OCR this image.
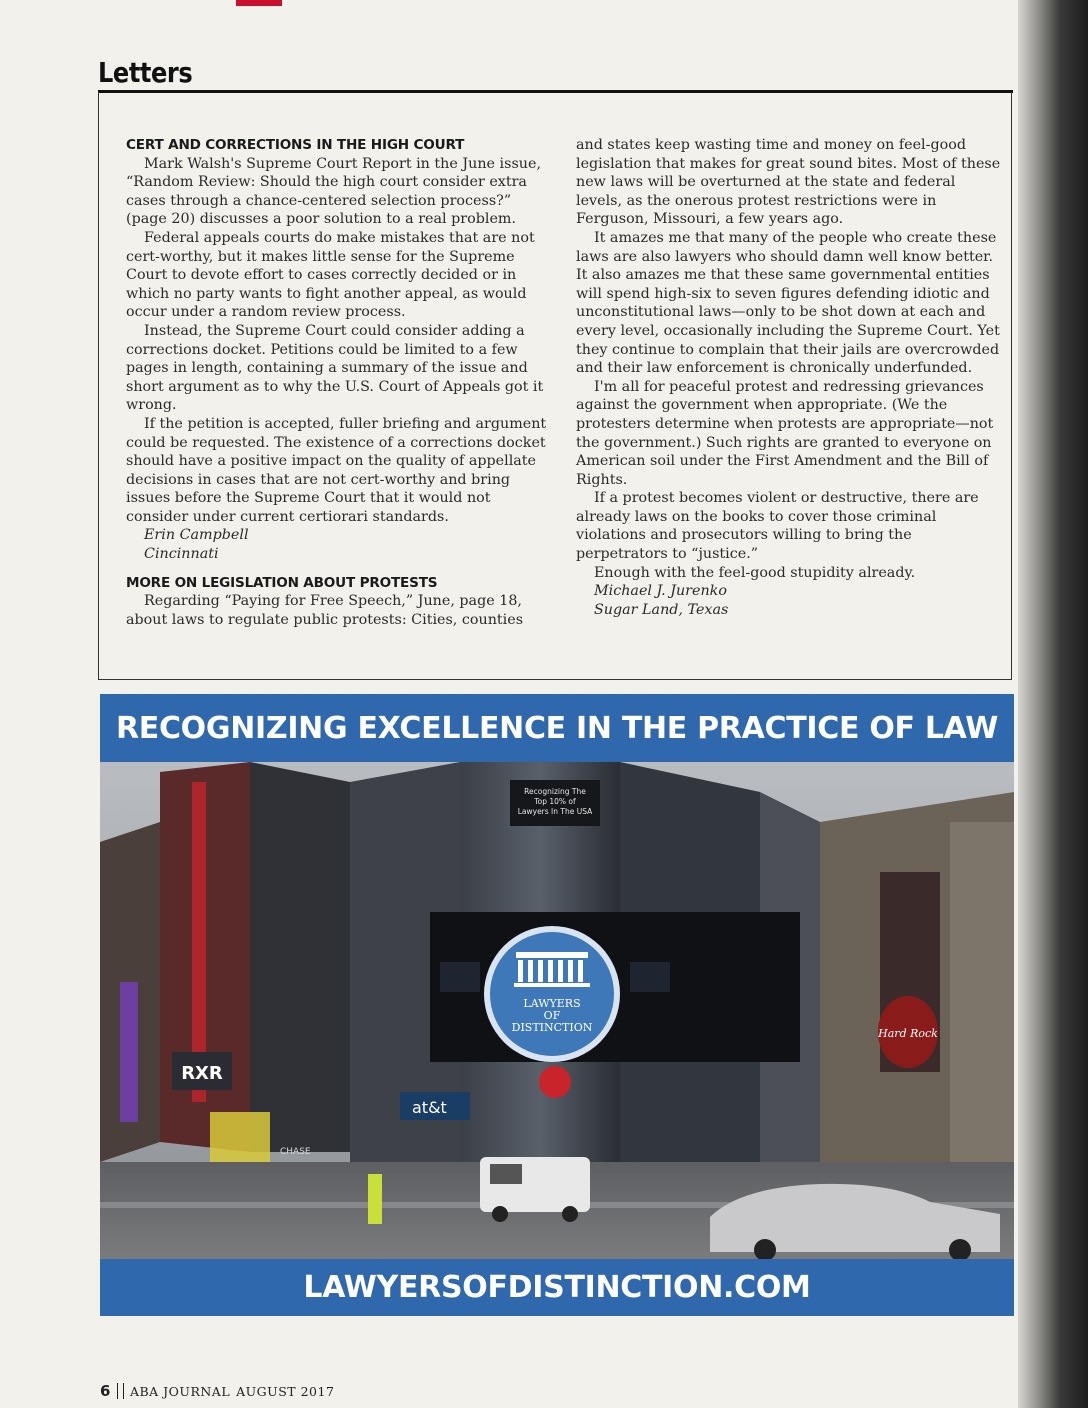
Letters
CERT AND CORRECTIONS IN THE HIGH COURT

Mark Walsh's Supreme Court Report in the June issue, “Random Review: Should the high court consider extra cases through a chance-centered selection process?” (page 20) discusses a poor solution to a real problem.

Federal appeals courts do make mistakes that are not cert-worthy, but it makes little sense for the Supreme Court to devote effort to cases correctly decided or in which no party wants to fight another appeal, as would occur under a random review process.

Instead, the Supreme Court could consider adding a corrections docket. Petitions could be limited to a few pages in length, containing a summary of the issue and short argument as to why the U.S. Court of Appeals got it wrong.

If the petition is accepted, fuller briefing and argument could be requested. The existence of a corrections docket should have a positive impact on the quality of appellate decisions in cases that are not cert-worthy and bring issues before the Supreme Court that it would not consider under current certiorari standards.

Erin Campbell
Cincinnati
MORE ON LEGISLATION ABOUT PROTESTS

Regarding “Paying for Free Speech,” June, page 18, about laws to regulate public protests: Cities, counties

and states keep wasting time and money on feel-good legislation that makes for great sound bites. Most of these new laws will be overturned at the state and federal levels, as the onerous protest restrictions were in Ferguson, Missouri, a few years ago.

It amazes me that many of the people who create these laws are also lawyers who should damn well know better. It also amazes me that these same governmental entities will spend high-six to seven figures defending idiotic and unconstitutional laws—only to be shot down at each and every level, occasionally including the Supreme Court. Yet they continue to complain that their jails are overcrowded and their law enforcement is chronically underfunded.

I'm all for peaceful protest and redressing grievances against the government when appropriate. (We the protesters determine when protests are appropriate—not the government.) Such rights are granted to everyone on American soil under the First Amendment and the Bill of Rights.

If a protest becomes violent or destructive, there are already laws on the books to cover those criminal violations and prosecutors willing to bring the perpetrators to “justice.”

Enough with the feel-good stupidity already.

Michael J. Jurenko
Sugar Land, Texas
RECOGNIZING EXCELLENCE IN THE PRACTICE OF LAW
RXR
Recognizing The
Top 10% of
Lawyers In The USA
LAWYERS
OF
DISTINCTION
at&t
Hard Rock
CHASE
LAWYERSOFDISTINCTION.COM
6 ABA JOURNAL AUGUST 2017
